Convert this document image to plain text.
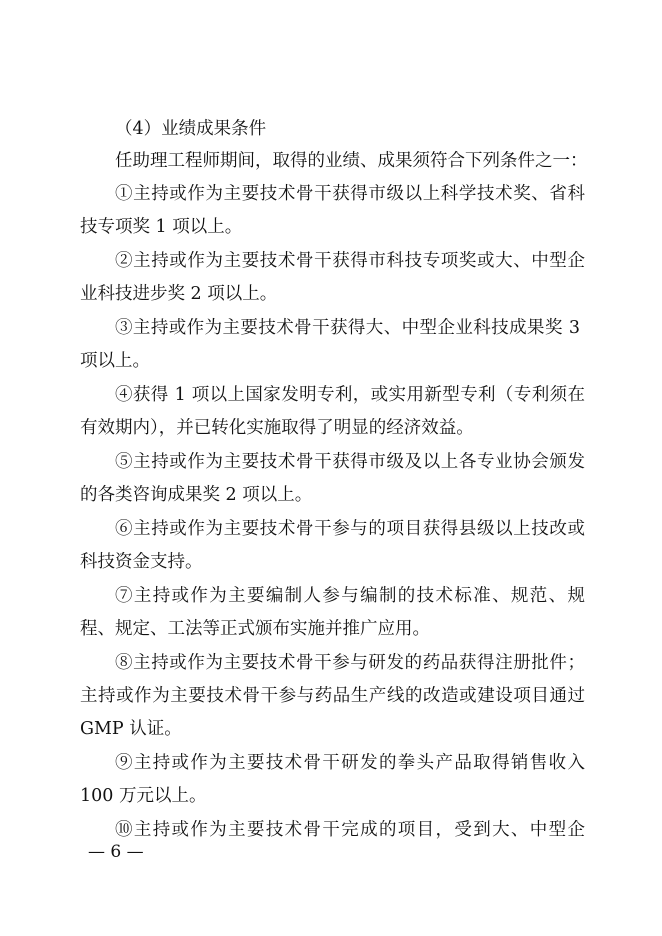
（4）业绩成果条件
任助理工程师期间，取得的业绩、成果须符合下列条件之一：
①主持或作为主要技术骨干获得市级以上科学技术奖、省科
技专项奖 1 项以上。
②主持或作为主要技术骨干获得市科技专项奖或大、中型企
业科技进步奖 2 项以上。
③主持或作为主要技术骨干获得大、中型企业科技成果奖 3
项以上。
④获得 1 项以上国家发明专利，或实用新型专利（专利须在
有效期内），并已转化实施取得了明显的经济效益。
⑤主持或作为主要技术骨干获得市级及以上各专业协会颁发
的各类咨询成果奖 2 项以上。
⑥主持或作为主要技术骨干参与的项目获得县级以上技改或
科技资金支持。
⑦主持或作为主要编制人参与编制的技术标准、规范、规
程、规定、工法等正式颁布实施并推广应用。
⑧主持或作为主要技术骨干参与研发的药品获得注册批件；
主持或作为主要技术骨干参与药品生产线的改造或建设项目通过
GMP 认证。
⑨主持或作为主要技术骨干研发的拳头产品取得销售收入
100 万元以上。
⑩主持或作为主要技术骨干完成的项目，受到大、中型企
— 6 —
